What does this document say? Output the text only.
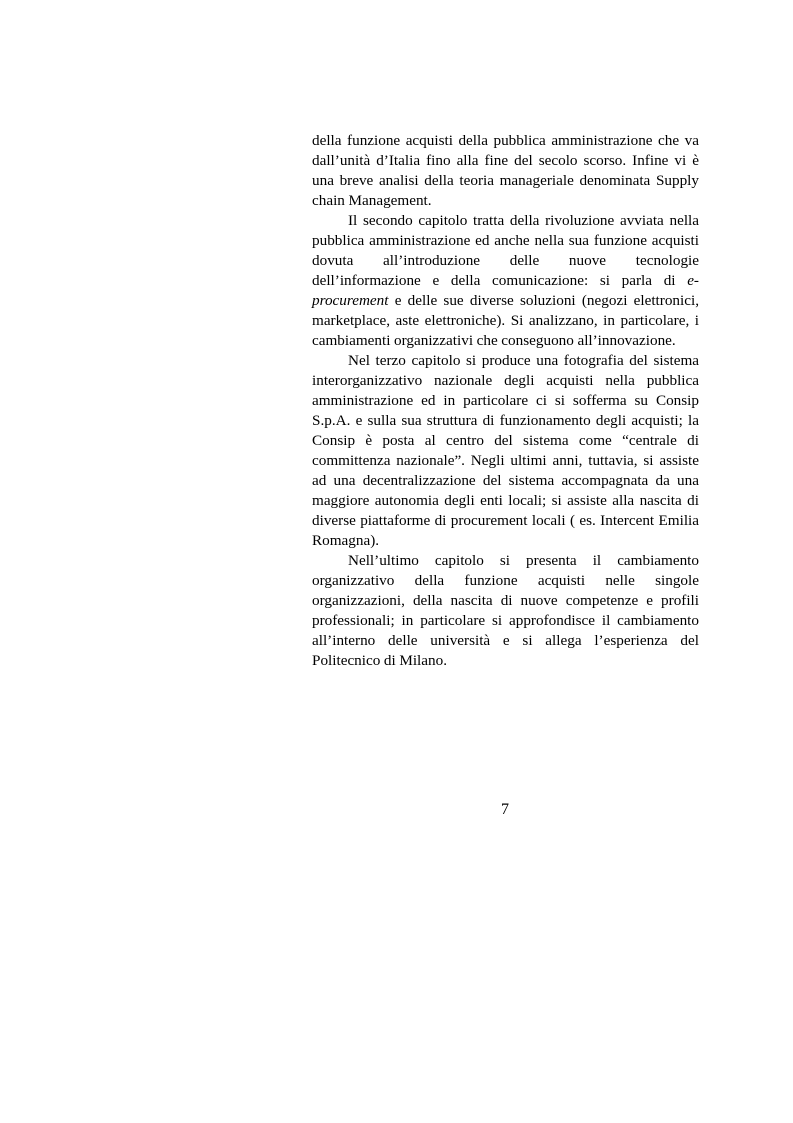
della funzione acquisti della pubblica amministrazione che va dall’unità d’Italia fino alla fine del secolo scorso. Infine vi è una breve analisi della teoria manageriale denominata Supply chain Management.

Il secondo capitolo tratta della rivoluzione avviata nella pubblica amministrazione ed anche nella sua funzione acquisti dovuta all’introduzione delle nuove tecnologie dell’informazione e della comunicazione: si parla di e-procurement e delle sue diverse soluzioni (negozi elettronici, marketplace, aste elettroniche). Si analizzano, in particolare, i cambiamenti organizzativi che conseguono all’innovazione.

Nel terzo capitolo si produce una fotografia del sistema interorganizzativo nazionale degli acquisti nella pubblica amministrazione ed in particolare ci si sofferma su Consip S.p.A. e sulla sua struttura di funzionamento degli acquisti; la Consip è posta al centro del sistema come “centrale di committenza nazionale”. Negli ultimi anni, tuttavia, si assiste ad una decentralizzazione del sistema accompagnata da una maggiore autonomia degli enti locali; si assiste alla nascita di diverse piattaforme di procurement locali ( es. Intercent Emilia Romagna).

Nell’ultimo capitolo si presenta il cambiamento organizzativo della funzione acquisti nelle singole organizzazioni, della nascita di nuove competenze e profili professionali; in particolare si approfondisce il cambiamento all’interno delle università e si allega l’esperienza del Politecnico di Milano.

7
